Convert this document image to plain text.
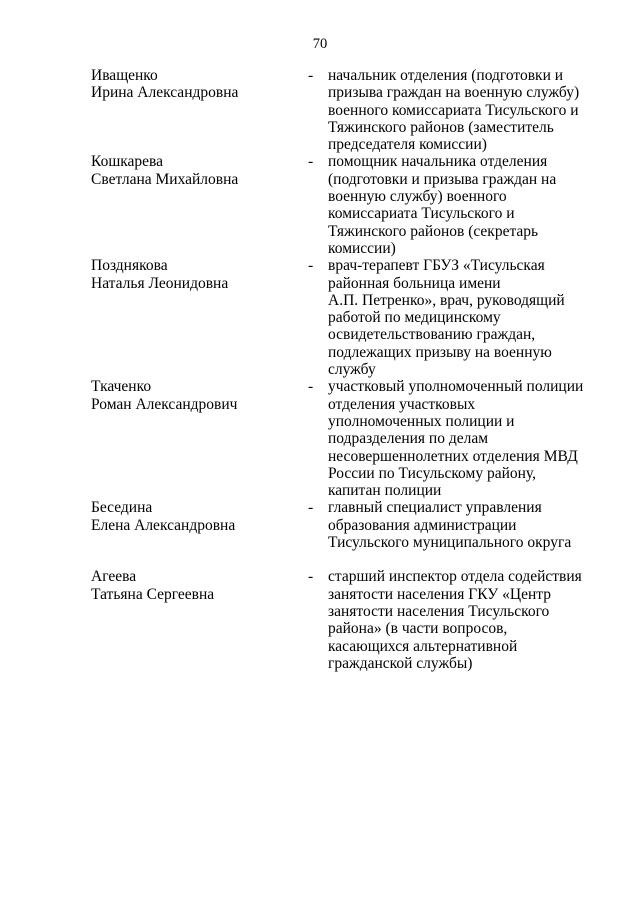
70
Иващенко
Ирина Александровна
- начальник отделения (подготовки и
призыва граждан на военную службу)
военного комиссариата Тисульского и
Тяжинского районов (заместитель
председателя комиссии)
Кошкарева
Светлана Михайловна
- помощник начальника отделения
(подготовки и призыва граждан на
военную службу) военного
комиссариата Тисульского и
Тяжинского районов (секретарь
комиссии)
Позднякова
Наталья Леонидовна
- врач-терапевт ГБУЗ «Тисульская
районная больница имени
А.П. Петренко», врач, руководящий
работой по медицинскому
освидетельствованию граждан,
подлежащих призыву на военную
службу
Ткаченко
Роман Александрович
- участковый уполномоченный полиции
отделения участковых
уполномоченных полиции и
подразделения по делам
несовершеннолетних отделения МВД
России по Тисульскому району,
капитан полиции
Беседина
Елена Александровна
- главный специалист управления
образования администрации
Тисульского муниципального округа
Агеева
Татьяна Сергеевна
- старший инспектор отдела содействия
занятости населения ГКУ «Центр
занятости населения Тисульского
района» (в части вопросов,
касающихся альтернативной
гражданской службы)
